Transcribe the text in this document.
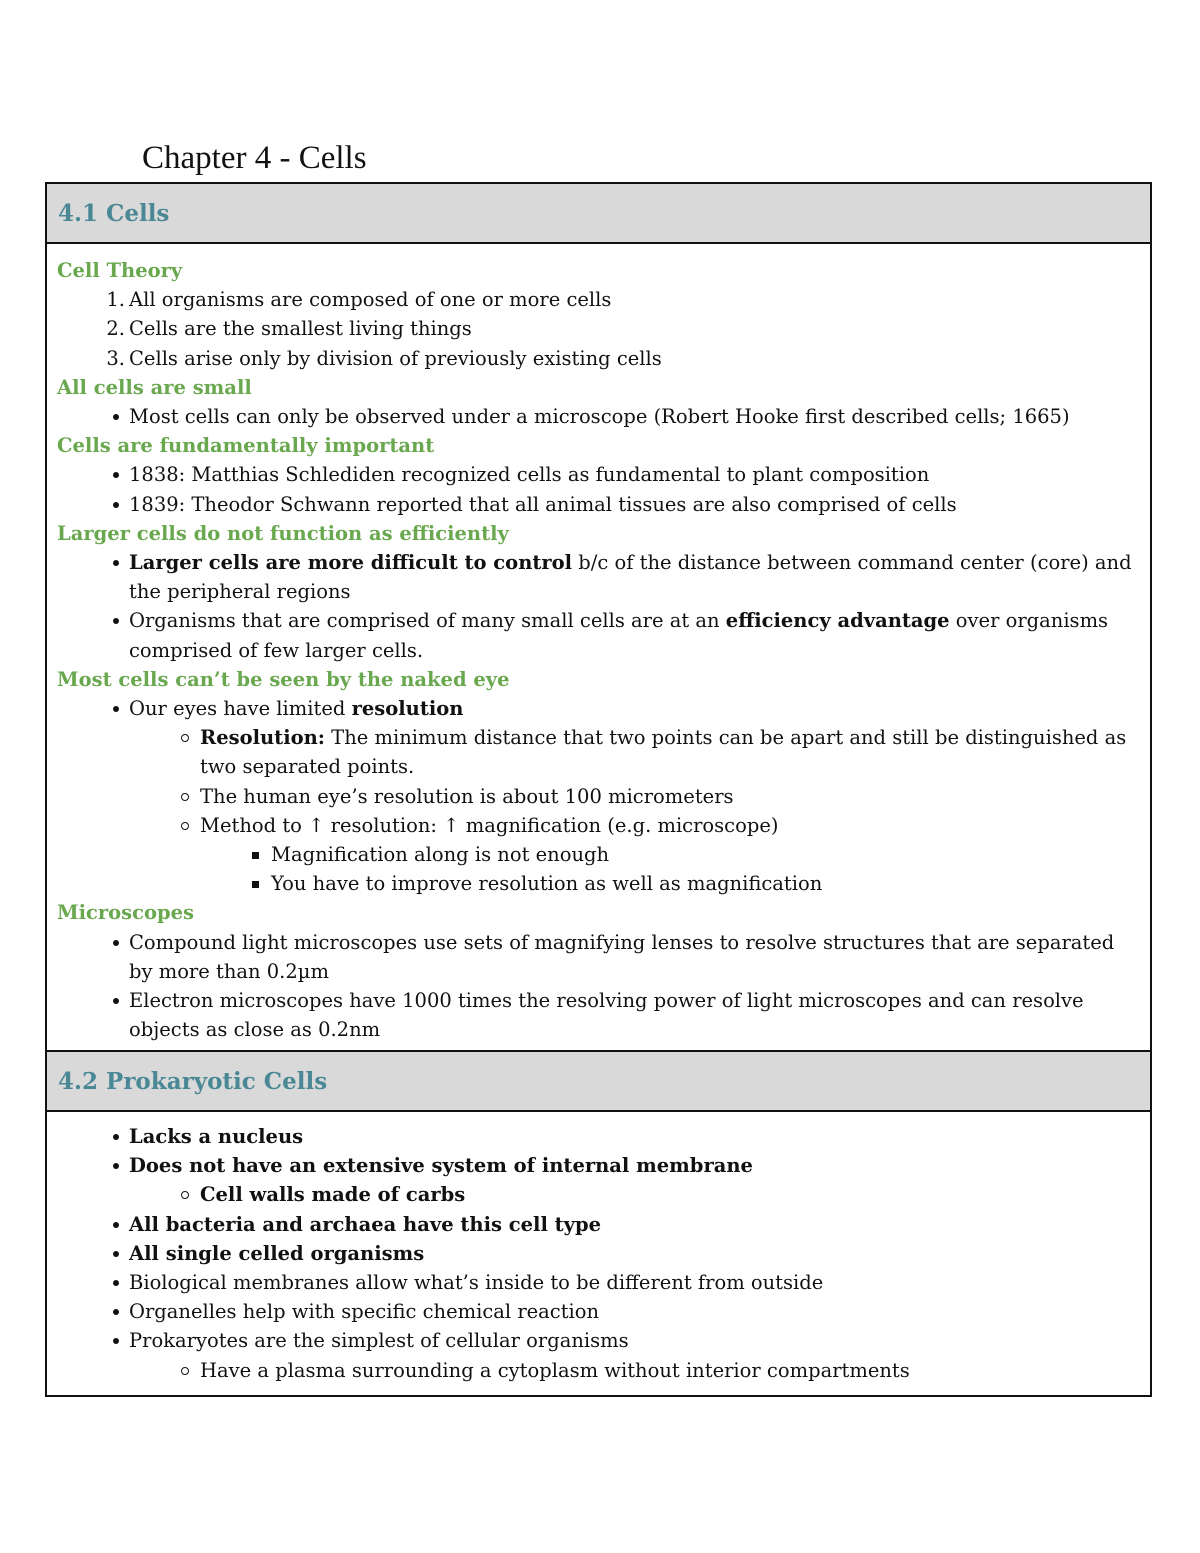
Chapter 4 - Cells
4.1 Cells
Cell Theory
1. All organisms are composed of one or more cells
2. Cells are the smallest living things
3. Cells arise only by division of previously existing cells
All cells are small
Most cells can only be observed under a microscope (Robert Hooke first described cells; 1665)
Cells are fundamentally important
1838: Matthias Schlediden recognized cells as fundamental to plant composition
1839: Theodor Schwann reported that all animal tissues are also comprised of cells
Larger cells do not function as efficiently
Larger cells are more difficult to control b/c of the distance between command center (core) and the peripheral regions
Organisms that are comprised of many small cells are at an efficiency advantage over organisms comprised of few larger cells.
Most cells can’t be seen by the naked eye
Our eyes have limited resolution
Resolution: The minimum distance that two points can be apart and still be distinguished as two separated points.
The human eye’s resolution is about 100 micrometers
Method to ↑ resolution: ↑ magnification (e.g. microscope)
Magnification along is not enough
You have to improve resolution as well as magnification
Microscopes
Compound light microscopes use sets of magnifying lenses to resolve structures that are separated by more than 0.2µm
Electron microscopes have 1000 times the resolving power of light microscopes and can resolve objects as close as 0.2nm
4.2 Prokaryotic Cells
Lacks a nucleus
Does not have an extensive system of internal membrane
Cell walls made of carbs
All bacteria and archaea have this cell type
All single celled organisms
Biological membranes allow what’s inside to be different from outside
Organelles help with specific chemical reaction
Prokaryotes are the simplest of cellular organisms
Have a plasma surrounding a cytoplasm without interior compartments
